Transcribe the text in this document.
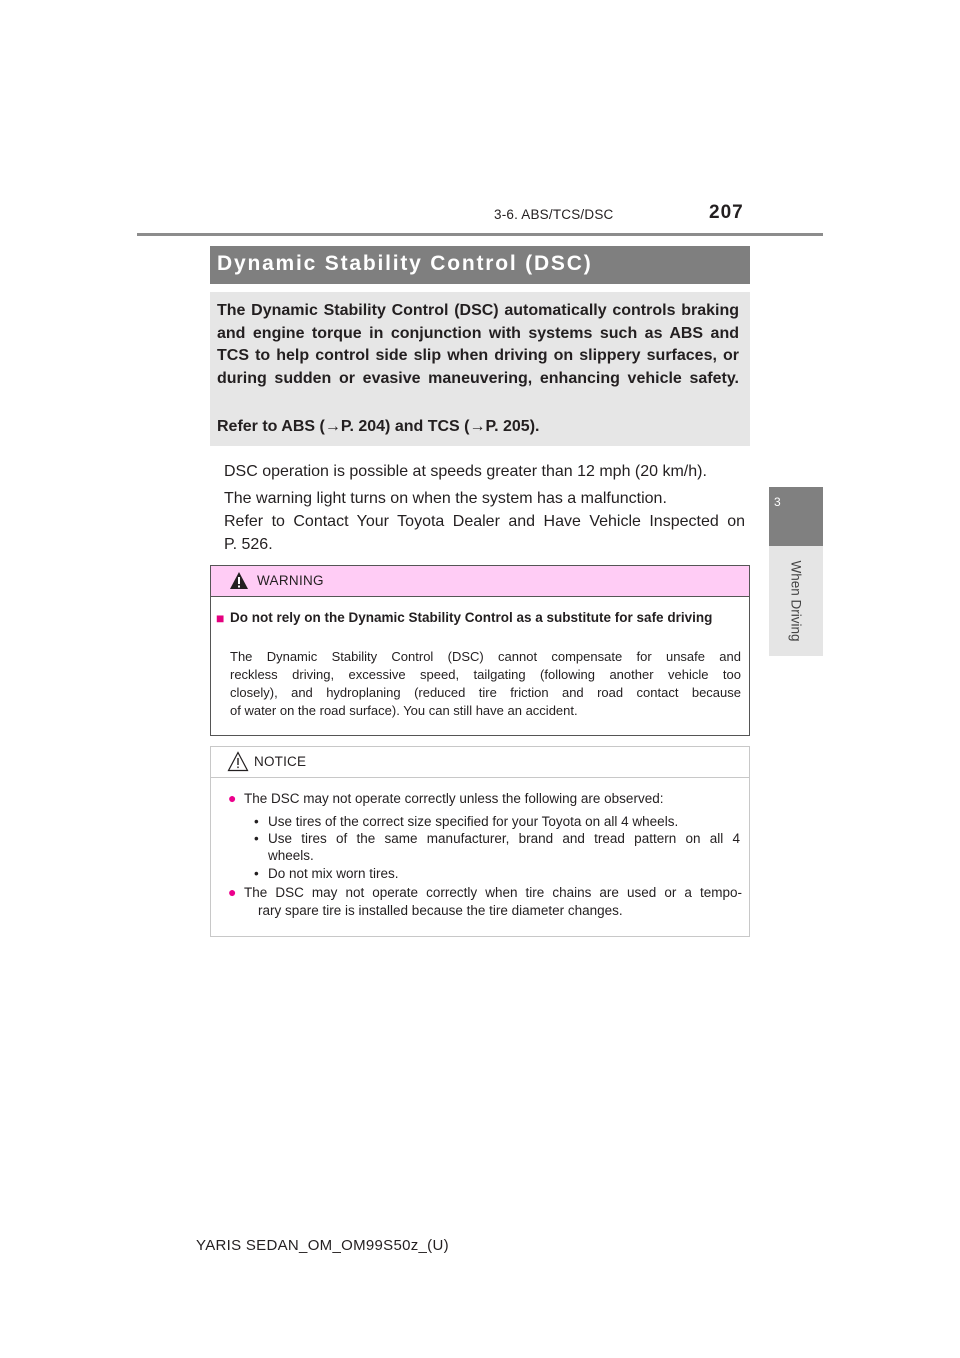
3-6. ABS/TCS/DSC	207
3
When Driving
Dynamic Stability Control (DSC)

The Dynamic Stability Control (DSC) automatically controls braking and engine torque in conjunction with systems such as ABS and TCS to help control side slip when driving on slippery surfaces, or during sudden or evasive maneuvering, enhancing vehicle safety.

Refer to ABS (→P. 204) and TCS (→P. 205).

DSC operation is possible at speeds greater than 12 mph (20 km/h).

The warning light turns on when the system has a malfunction.

Refer to Contact Your Toyota Dealer and Have Vehicle Inspected on

P. 526.

WARNING
■ Do not rely on the Dynamic Stability Control as a substitute for safe driving

The Dynamic Stability Control (DSC) cannot compensate for unsafe and
reckless driving, excessive speed, tailgating (following another vehicle too
closely), and hydroplaning (reduced tire friction and road contact because
of water on the road surface). You can still have an accident.

NOTICE
● The DSC may not operate correctly unless the following are observed:

• Use tires of the correct size specified for your Toyota on all 4 wheels.

• Use tires of the same manufacturer, brand and tread pattern on all 4

wheels.

• Do not mix worn tires.

● The DSC may not operate correctly when tire chains are used or a tempo-

rary spare tire is installed because the tire diameter changes.

YARIS SEDAN_OM_OM99S50z_(U)
